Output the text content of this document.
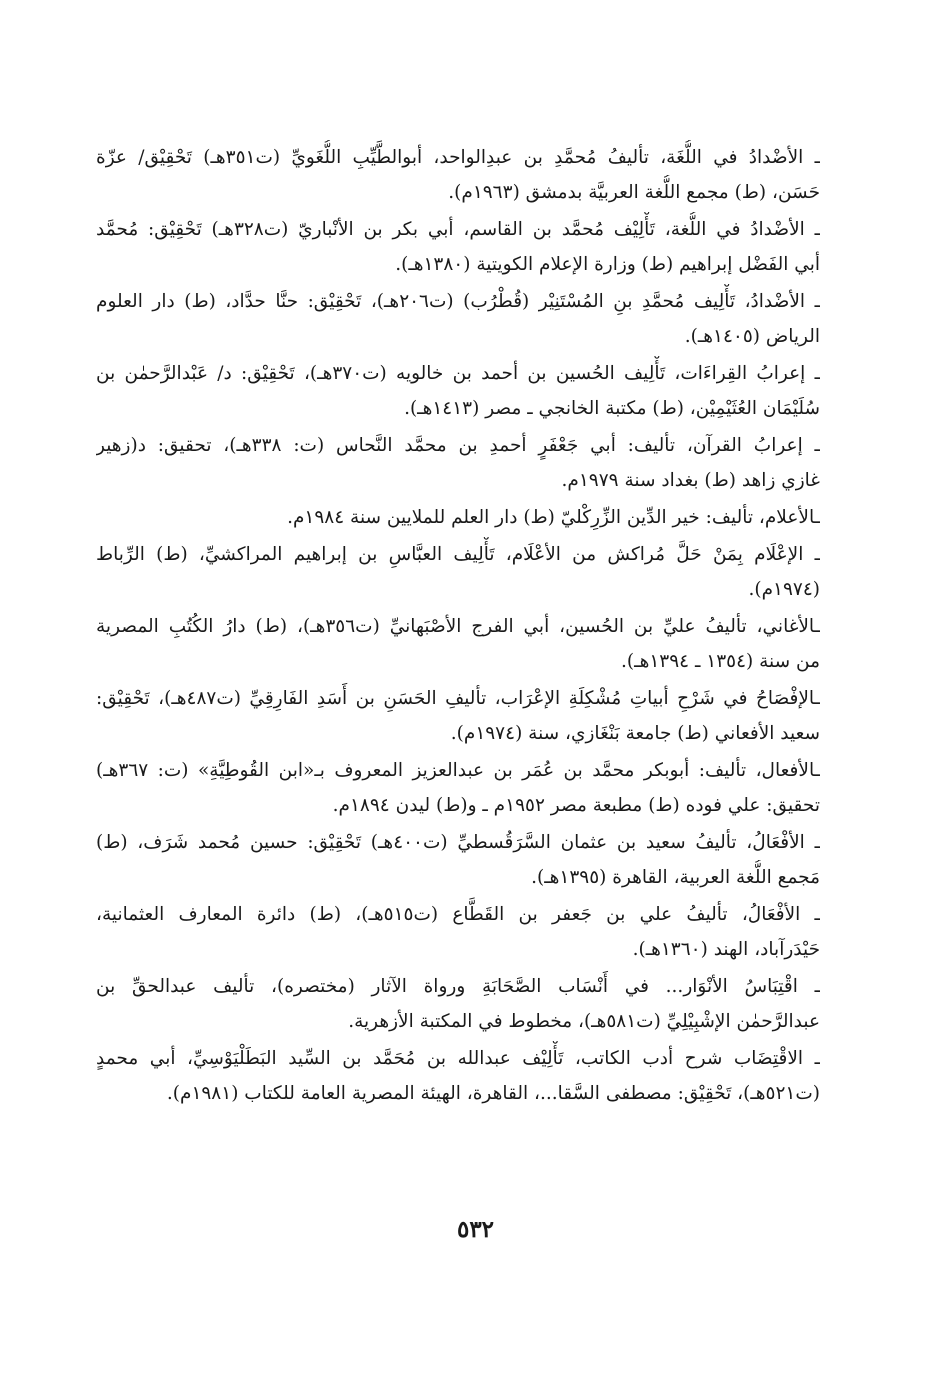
ـ الأضْدادُ في اللُّغَة، تأليفُ مُحمَّدِ بن عبدِالواحد، أبوالطَّيِّبِ اللُّغَويِّ (ت٣٥١هـ) تَحْقِيْق/ عزّة
حَسَن، (ط) مجمع اللُّغة العربيَّة بدمشق (١٩٦٣م).
ـ الأضْدادُ في اللُّغة، تَأْلِيْف مُحمَّد بن القاسم، أبي بكر بن الأنْباريّ (ت٣٢٨هـ) تَحْقِيْق: مُحمَّد
أبي الفَضْل إبراهيم (ط) وزارة الإعلام الكويتية (١٣٨٠هـ).
ـ الأضْدادُ، تَأْلِيف مُحمَّدِ بنِ المُسْتَنِيْر (قُطْرُب) (ت٢٠٦هـ)، تَحْقِيْق: حنَّا حدَّاد، (ط) دار العلوم
الرياض (١٤٠٥هـ).
ـ إعرابُ القِراءَات، تَأْلِيف الحُسين بن أحمد بن خالويه (ت٣٧٠هـ)، تَحْقِيْق: د/ عَبْدالرَّحمٰن بن
سُلَيْمَان العُثَيْمِيْن، (ط) مكتبة الخانجي ـ مصر (١٤١٣هـ).
ـ إعرابُ القرآن، تأليف: أبي جَعْفَرٍ أحمدِ بن محمَّد النَّحاس (ت: ٣٣٨هـ)، تحقيق: د(زهير
غازي زاهد (ط) بغداد سنة ١٩٧٩م.
ـالأعلام، تأليف: خير الدِّين الزِّرِكْليّ (ط) دار العلم للملايين سنة ١٩٨٤م.
ـ الإعْلَام بِمَنْ حَلَّ مُراكش من الأعْلَام، تَأْلِيف العبَّاسِ بن إبراهيم المراكشيِّ، (ط) الرِّباط
(١٩٧٤م).
ـالأغاني، تأليفُ عليِّ بن الحُسين، أبي الفرج الأصْبَهانيِّ (ت٣٥٦هـ)، (ط) دارُ الكُتُبِ المصرية
من سنة (١٣٥٤ ـ ١٣٩٤هـ).
ـالإفْصَاحُ في شَرْحِ أبياتِ مُشْكِلَةِ الإعْرَاب، تأليفِ الحَسَنِ بن أَسَدِ الفَارِقِيِّ (ت٤٨٧هـ)، تَحْقِيْق:
سعيد الأفعاني (ط) جامعة بَنْغَازي، سنة (١٩٧٤م).
ـالأفعال، تأليف: أبوبكر محمَّد بن عُمَر بن عبدالعزيز المعروف بـ«ابن القُوطِيَّةِ» (ت: ٣٦٧هـ)
تحقيق: علي فوده (ط) مطبعة مصر ١٩٥٢م ـ و(ط) ليدن ١٨٩٤م.
ـ الأفْعَالُ، تأليفُ سعيد بن عثمان السَّرَقُسطيِّ (ت٤٠٠هـ) تَحْقِيْق: حسين مُحمد شَرَف، (ط)
مَجمع اللُّغة العربية، القاهرة (١٣٩٥هـ).
ـ الأفْعَالُ، تأليفُ علي بن جَعفر بن القَطَّاع (ت٥١٥هـ)، (ط) دائرة المعارف العثمانية،
حَيْدَرآباد، الهند (١٣٦٠هـ).
ـ اقْتِبَاسُ الأنْوَار... في أَنْسَاب الصَّحَابَةِ ورواة الآثار (مختصره)، تأليف عبدالحقِّ بن
عبدالرَّحمٰن الإشْبِيْلِيِّ (ت٥٨١هـ)، مخطوط في المكتبة الأزهرية.
ـ الاقْتِضَاب شرح أدب الكاتب، تَأْلِيْف عبدالله بن مُحَمَّد بن السِّيد البَطَلْيَوْسِيِّ، أبي محمدٍ
(ت٥٢١هـ)، تَحْقِيْق: مصطفى السَّقا...، القاهرة، الهيئة المصرية العامة للكتاب (١٩٨١م).
٥٣٢
